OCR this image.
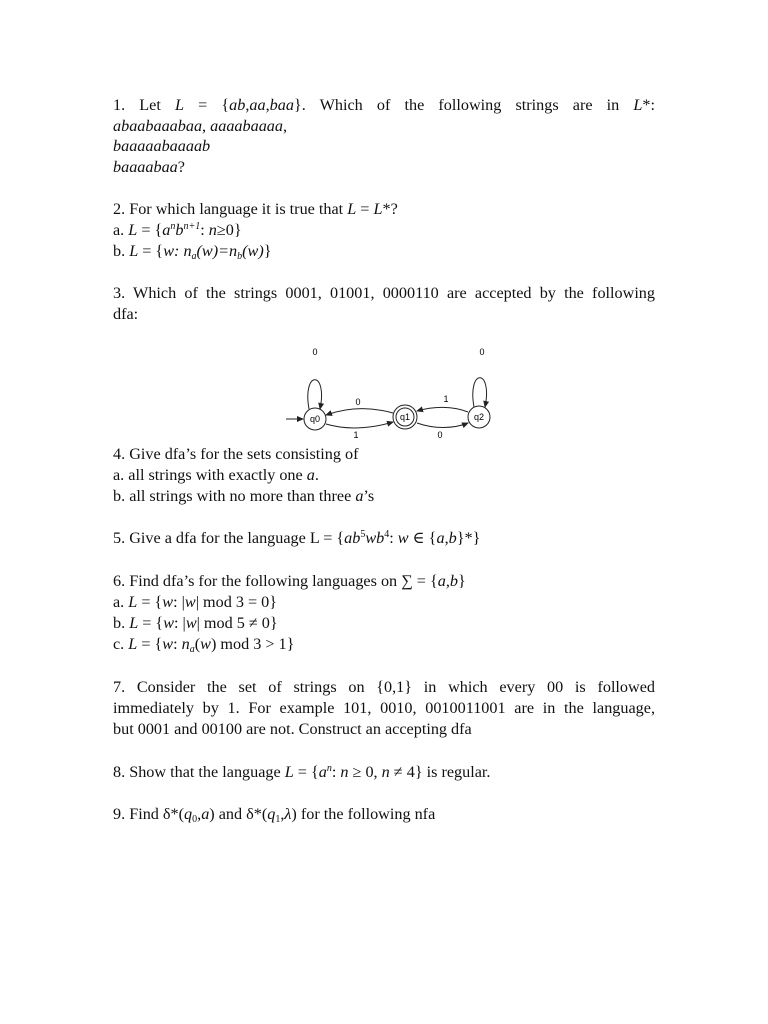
1. Let L = {ab,aa,baa}. Which of the following strings are in L*:
abaabaaabaa, aaaabaaaa,
baaaaabaaaab
baaaabaa?
2. For which language it is true that L = L*?
a. $L = \{a^nb^{n+1}$: n≥0}
b. L = {w: $n_a(w)=n_b(w)$}
3. Which of the strings 0001, 01001, 0000110 are accepted by the following
dfa:
q0	q1	q2
0	0
0
1
1
0
4. Give dfa’s for the sets consisting of
a. all strings with exactly one a.
b. all strings with no more than three a’s
5. Give a dfa for the language $L = \{ab^5wb^4$: w ∈ {a,b}*}
6. Find dfa’s for the following languages on ∑ = {a,b}
a. L = {w: |w| mod 3 = 0}
b. L = {w: |w| mod 5 ≠ 0}
c. L = {w: $n_a(w)$ mod 3 > 1}
7. Consider the set of strings on {0,1} in which every 00 is followed
immediately by 1. For example 101, 0010, 0010011001 are in the language,
but 0001 and 00100 are not. Construct an accepting dfa
8. Show that the language $L = \{a^n$: n ≥ 0, n ≠ 4} is regular.
9. Find $\delta*(q_0,a)$ and $\delta*(q_1,\lambda)$ for the following nfa
